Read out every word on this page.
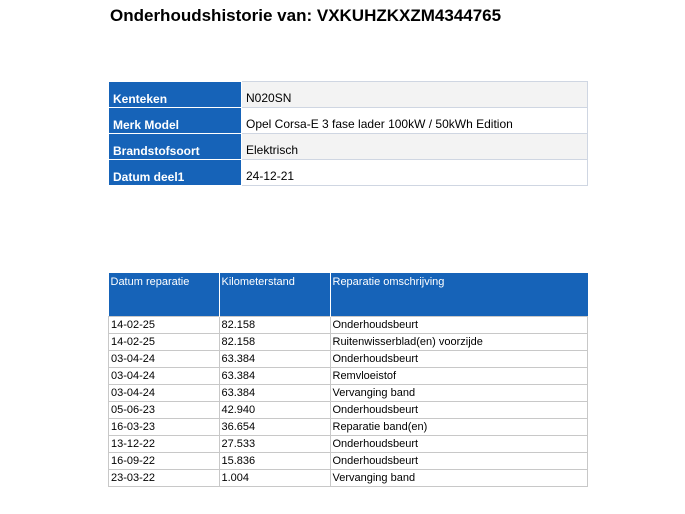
Onderhoudshistorie van: VXKUHZKXZM4344765
Kenteken	N020SN
Merk Model	Opel Corsa-E 3 fase lader 100kW / 50kWh Edition
Brandstofsoort	Elektrisch
Datum deel1	24-12-21
Datum reparatie	Kilometerstand	Reparatie omschrijving
14-02-25	82.158	Onderhoudsbeurt
14-02-25	82.158	Ruitenwisserblad(en) voorzijde
03-04-24	63.384	Onderhoudsbeurt
03-04-24	63.384	Remvloeistof
03-04-24	63.384	Vervanging band
05-06-23	42.940	Onderhoudsbeurt
16-03-23	36.654	Reparatie band(en)
13-12-22	27.533	Onderhoudsbeurt
16-09-22	15.836	Onderhoudsbeurt
23-03-22	1.004	Vervanging band
